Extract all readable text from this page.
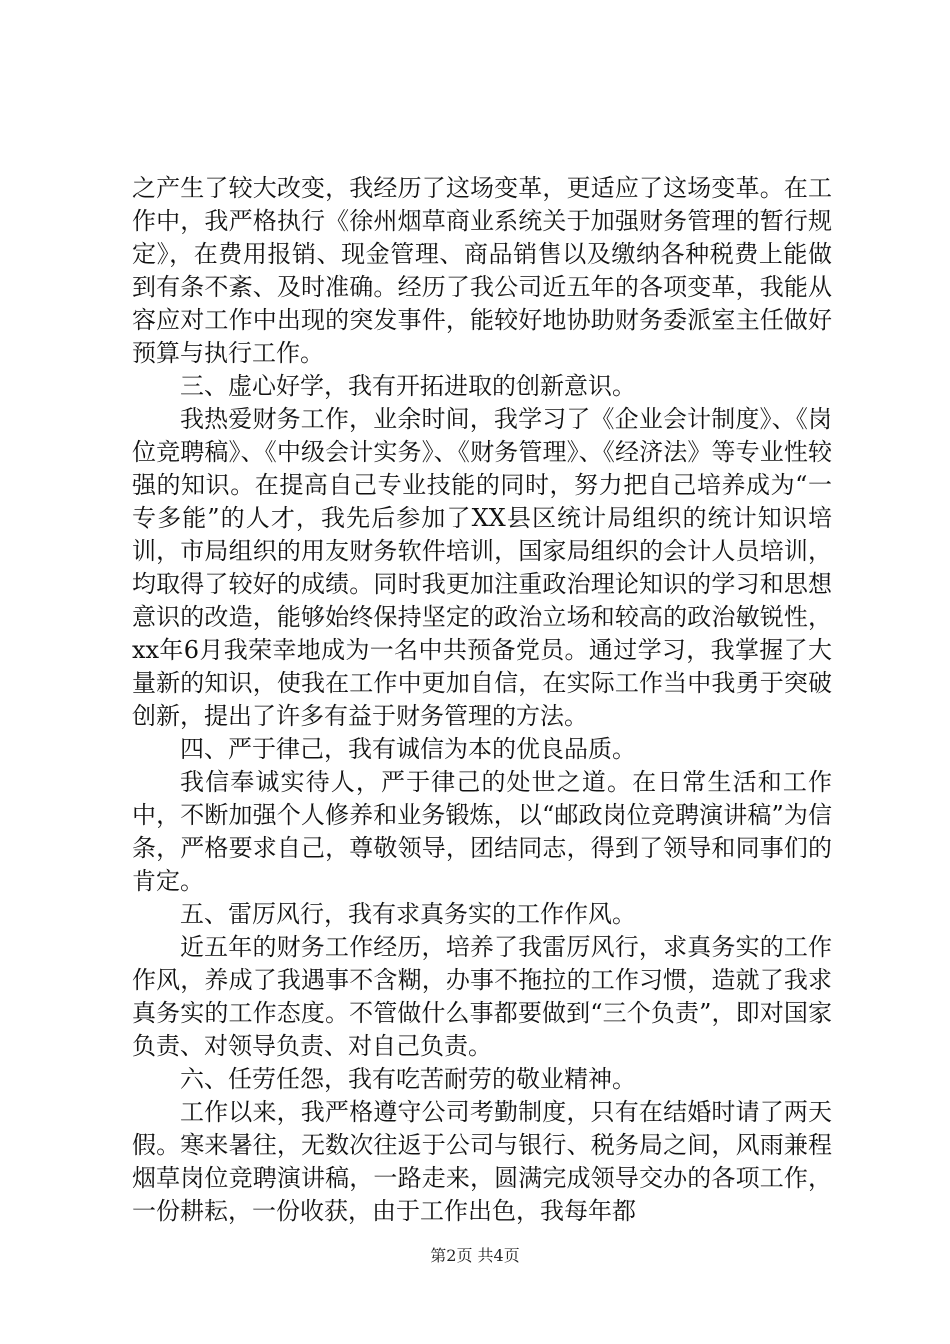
之产生了较大改变，我经历了这场变革，更适应了这场变革。在工作中，我严格执行《徐州烟草商业系统关于加强财务管理的暂行规定》，在费用报销、现金管理、商品销售以及缴纳各种税费上能做到有条不紊、及时准确。经历了我公司近五年的各项变革，我能从容应对工作中出现的突发事件，能较好地协助财务委派室主任做好预算与执行工作。

三、虚心好学，我有开拓进取的创新意识。

我热爱财务工作，业余时间，我学习了《企业会计制度》、《岗位竞聘稿》、《中级会计实务》、《财务管理》、《经济法》等专业性较强的知识。在提高自己专业技能的同时，努力把自己培养成为“一专多能”的人才，我先后参加了XX县区统计局组织的统计知识培训，市局组织的用友财务软件培训，国家局组织的会计人员培训，均取得了较好的成绩。同时我更加注重政治理论知识的学习和思想意识的改造，能够始终保持坚定的政治立场和较高的政治敏锐性，xx年6月我荣幸地成为一名中共预备党员。通过学习，我掌握了大量新的知识，使我在工作中更加自信，在实际工作当中我勇于突破创新，提出了许多有益于财务管理的方法。

四、严于律己，我有诚信为本的优良品质。

我信奉诚实待人，严于律己的处世之道。在日常生活和工作中，不断加强个人修养和业务锻炼，以“邮政岗位竞聘演讲稿”为信条，严格要求自己，尊敬领导，团结同志，得到了领导和同事们的肯定。

五、雷厉风行，我有求真务实的工作作风。

近五年的财务工作经历，培养了我雷厉风行，求真务实的工作作风，养成了我遇事不含糊，办事不拖拉的工作习惯，造就了我求真务实的工作态度。不管做什么事都要做到“三个负责”，即对国家负责、对领导负责、对自己负责。

六、任劳任怨，我有吃苦耐劳的敬业精神。

工作以来，我严格遵守公司考勤制度，只有在结婚时请了两天假。寒来暑往，无数次往返于公司与银行、税务局之间，风雨兼程烟草岗位竞聘演讲稿，一路走来，圆满完成领导交办的各项工作，一份耕耘，一份收获，由于工作出色，我每年都

第2页 共4页
